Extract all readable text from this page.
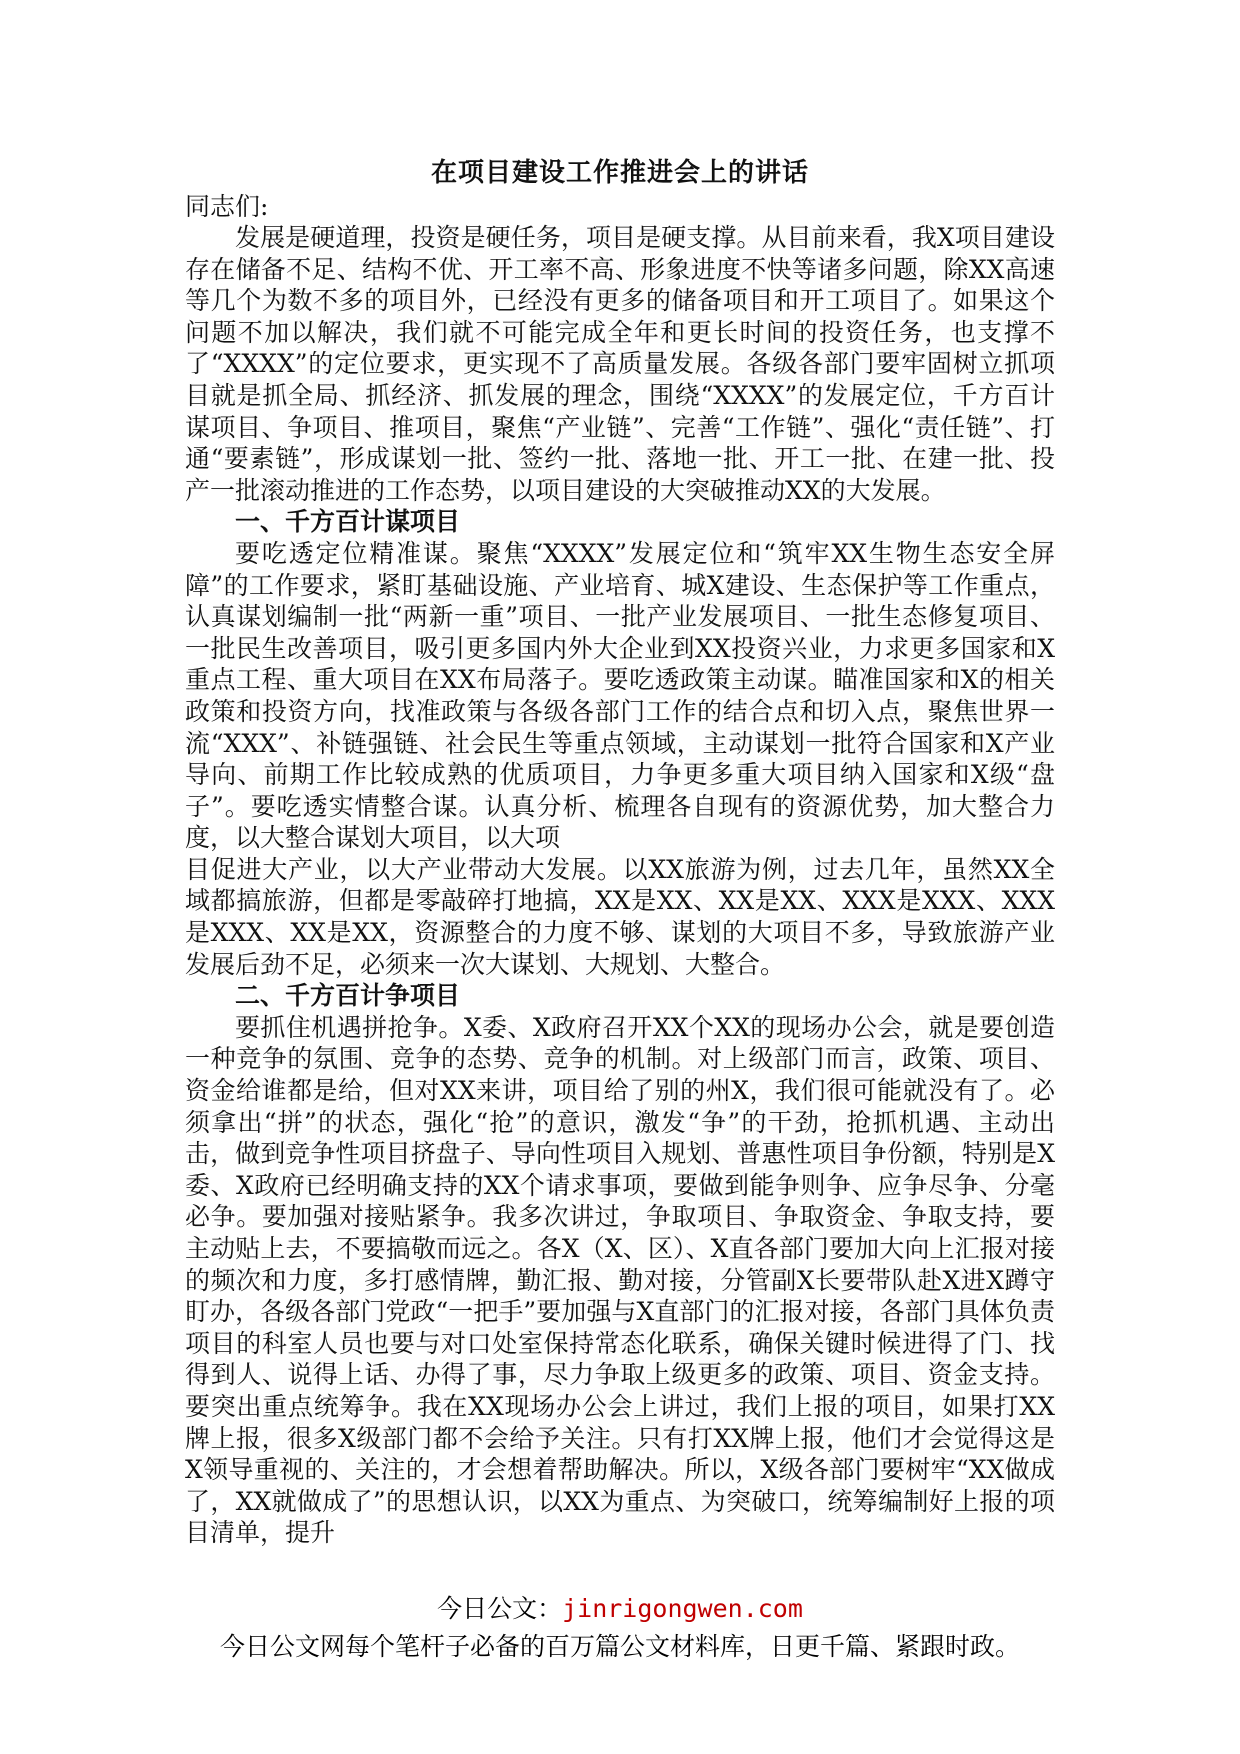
在项目建设工作推进会上的讲话

同志们:

发展是硬道理，投资是硬任务，项目是硬支撑。从目前来看，我X项目建设存在储备不足、结构不优、开工率不高、形象进度不快等诸多问题，除XX高速等几个为数不多的项目外，已经没有更多的储备项目和开工项目了。如果这个问题不加以解决，我们就不可能完成全年和更长时间的投资任务，也支撑不了“XXXX”的定位要求，更实现不了高质量发展。各级各部门要牢固树立抓项目就是抓全局、抓经济、抓发展的理念，围绕“XXXX”的发展定位，千方百计谋项目、争项目、推项目，聚焦“产业链”、完善“工作链”、强化“责任链”、打通“要素链”，形成谋划一批、签约一批、落地一批、开工一批、在建一批、投产一批滚动推进的工作态势，以项目建设的大突破推动XX的大发展。

一、千方百计谋项目

要吃透定位精准谋。聚焦“XXXX”发展定位和“筑牢XX生物生态安全屏障”的工作要求，紧盯基础设施、产业培育、城X建设、生态保护等工作重点，认真谋划编制一批“两新一重”项目、一批产业发展项目、一批生态修复项目、一批民生改善项目，吸引更多国内外大企业到XX投资兴业，力求更多国家和X重点工程、重大项目在XX布局落子。要吃透政策主动谋。瞄准国家和X的相关政策和投资方向，找准政策与各级各部门工作的结合点和切入点，聚焦世界一流“XXX”、补链强链、社会民生等重点领域，主动谋划一批符合国家和X产业导向、前期工作比较成熟的优质项目，力争更多重大项目纳入国家和X级“盘子”。要吃透实情整合谋。认真分析、梳理各自现有的资源优势，加大整合力度，以大整合谋划大项目，以大项

目促进大产业，以大产业带动大发展。以XX旅游为例，过去几年，虽然XX全域都搞旅游，但都是零敲碎打地搞，XX是XX、XX是XX、XXX是XXX、XXX是XXX、XX是XX，资源整合的力度不够、谋划的大项目不多，导致旅游产业发展后劲不足，必须来一次大谋划、大规划、大整合。

二、千方百计争项目

要抓住机遇拼抢争。X委、X政府召开XX个XX的现场办公会，就是要创造一种竞争的氛围、竞争的态势、竞争的机制。对上级部门而言，政策、项目、资金给谁都是给，但对XX来讲，项目给了别的州X，我们很可能就没有了。必须拿出“拼”的状态，强化“抢”的意识，激发“争”的干劲，抢抓机遇、主动出击，做到竞争性项目挤盘子、导向性项目入规划、普惠性项目争份额，特别是X委、X政府已经明确支持的XX个请求事项，要做到能争则争、应争尽争、分毫必争。要加强对接贴紧争。我多次讲过，争取项目、争取资金、争取支持，要主动贴上去，不要搞敬而远之。各X（X、区）、X直各部门要加大向上汇报对接的频次和力度，多打感情牌，勤汇报、勤对接，分管副X长要带队赴X进X蹲守盯办，各级各部门党政“一把手”要加强与X直部门的汇报对接，各部门具体负责项目的科室人员也要与对口处室保持常态化联系，确保关键时候进得了门、找得到人、说得上话、办得了事，尽力争取上级更多的政策、项目、资金支持。要突出重点统筹争。我在XX现场办公会上讲过，我们上报的项目，如果打XX牌上报，很多X级部门都不会给予关注。只有打XX牌上报，他们才会觉得这是X领导重视的、关注的，才会想着帮助解决。所以，X级各部门要树牢“XX做成了，XX就做成了”的思想认识，以XX为重点、为突破口，统筹编制好上报的项目清单，提升

今日公文：jinrigongwen.com
今日公文网每个笔杆子必备的百万篇公文材料库，日更千篇、紧跟时政。
